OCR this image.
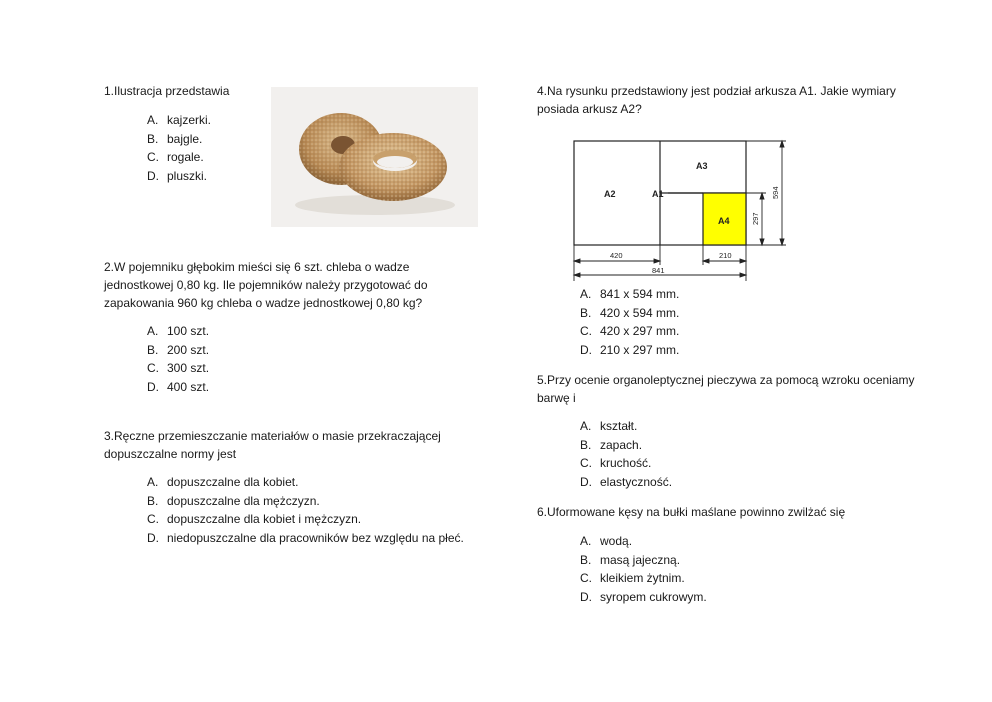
1.Ilustracja przedstawia
A. kajzerki.
B. bajgle.
C. rogale.
D. pluszki.
2.W pojemniku głębokim mieści się 6 szt. chleba o wadze
jednostkowej 0,80 kg. Ile pojemników należy przygotować do
zapakowania 960 kg chleba o wadze jednostkowej 0,80 kg?
A. 100 szt.
B. 200 szt.
C. 300 szt.
D. 400 szt.
3.Ręczne przemieszczanie materiałów o masie przekraczającej
dopuszczalne normy jest
A. dopuszczalne dla kobiet.
B. dopuszczalne dla mężczyzn.
C. dopuszczalne dla kobiet i mężczyzn.
D. niedopuszczalne dla pracowników bez względu na płeć.
4.Na rysunku przedstawiony jest podział arkusza A1. Jakie wymiary
posiada arkusz A2?
A2	A1
A3
A4
420	210
841
594
297
A. 841 x 594 mm.
B. 420 x 594 mm.
C. 420 x 297 mm.
D. 210 x 297 mm.
5.Przy ocenie organoleptycznej pieczywa za pomocą wzroku oceniamy
barwę i
A. kształt.
B. zapach.
C. kruchość.
D. elastyczność.
6.Uformowane kęsy na bułki maślane powinno zwilżać się
A. wodą.
B. masą jajeczną.
C. kleikiem żytnim.
D. syropem cukrowym.
